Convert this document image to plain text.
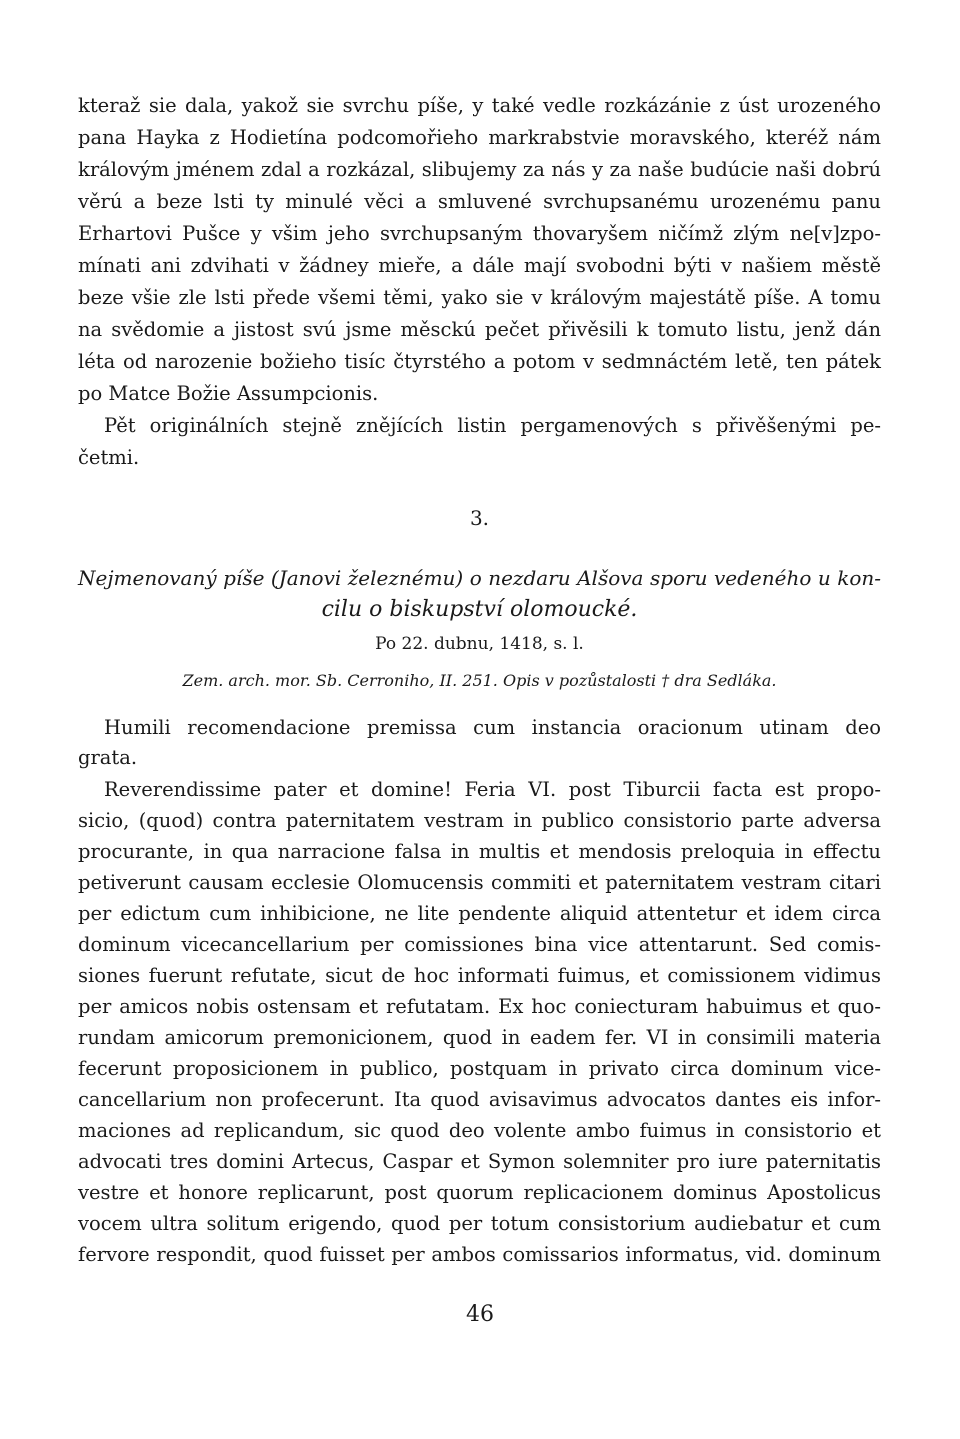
kteraž sie dala, yakož sie svrchu píše, y také vedle rozkázánie z úst urozeného
pana Hayka z Hodietína podcomořieho markrabstvie moravského, kteréž nám
královým jménem zdal a rozkázal, slibujemy za nás y za naše budúcie naši dobrú
věrú a beze lsti ty minulé věci a smluvené svrchupsanému urozenému panu
Erhartovi Pušce y všim jeho svrchupsaným thovaryšem ničímž zlým ne[v]zpo-
mínati ani zdvihati v žádney mieře, a dále mají svobodni býti v našiem městě
beze všie zle lsti přede všemi těmi, yako sie v královým majestátě píše. A tomu
na svědomie a jistost svú jsme měsckú pečet přivěsili k tomuto listu, jenž dán
léta od narozenie božieho tisíc čtyrstého a potom v sedmnáctém letě, ten pátek
po Matce Božie Assumpcionis.
Pět originálních stejně znějících listin pergamenových s přivěšenými pe-
četmi.
3.
Nejmenovaný píše (Janovi železnému) o nezdaru Alšova sporu vedeného u kon-
cilu o biskupství olomoucké.
Po 22. dubnu, 1418, s. l.
Zem. arch. mor. Sb. Cerroniho, II. 251. Opis v pozůstalosti † dra Sedláka.
Humili recomendacione premissa cum instancia oracionum utinam deo
grata.
Reverendissime pater et domine! Feria VI. post Tiburcii facta est propo-
sicio, (quod) contra paternitatem vestram in publico consistorio parte adversa
procurante, in qua narracione falsa in multis et mendosis preloquia in effectu
petiverunt causam ecclesie Olomucensis commiti et paternitatem vestram citari
per edictum cum inhibicione, ne lite pendente aliquid attentetur et idem circa
dominum vicecancellarium per comissiones bina vice attentarunt. Sed comis-
siones fuerunt refutate, sicut de hoc informati fuimus, et comissionem vidimus
per amicos nobis ostensam et refutatam. Ex hoc coniecturam habuimus et quo-
rundam amicorum premonicionem, quod in eadem fer. VI in consimili materia
fecerunt proposicionem in publico, postquam in privato circa dominum vice-
cancellarium non profecerunt. Ita quod avisavimus advocatos dantes eis infor-
maciones ad replicandum, sic quod deo volente ambo fuimus in consistorio et
advocati tres domini Artecus, Caspar et Symon solemniter pro iure paternitatis
vestre et honore replicarunt, post quorum replicacionem dominus Apostolicus
vocem ultra solitum erigendo, quod per totum consistorium audiebatur et cum
fervore respondit, quod fuisset per ambos comissarios informatus, vid. dominum
46
